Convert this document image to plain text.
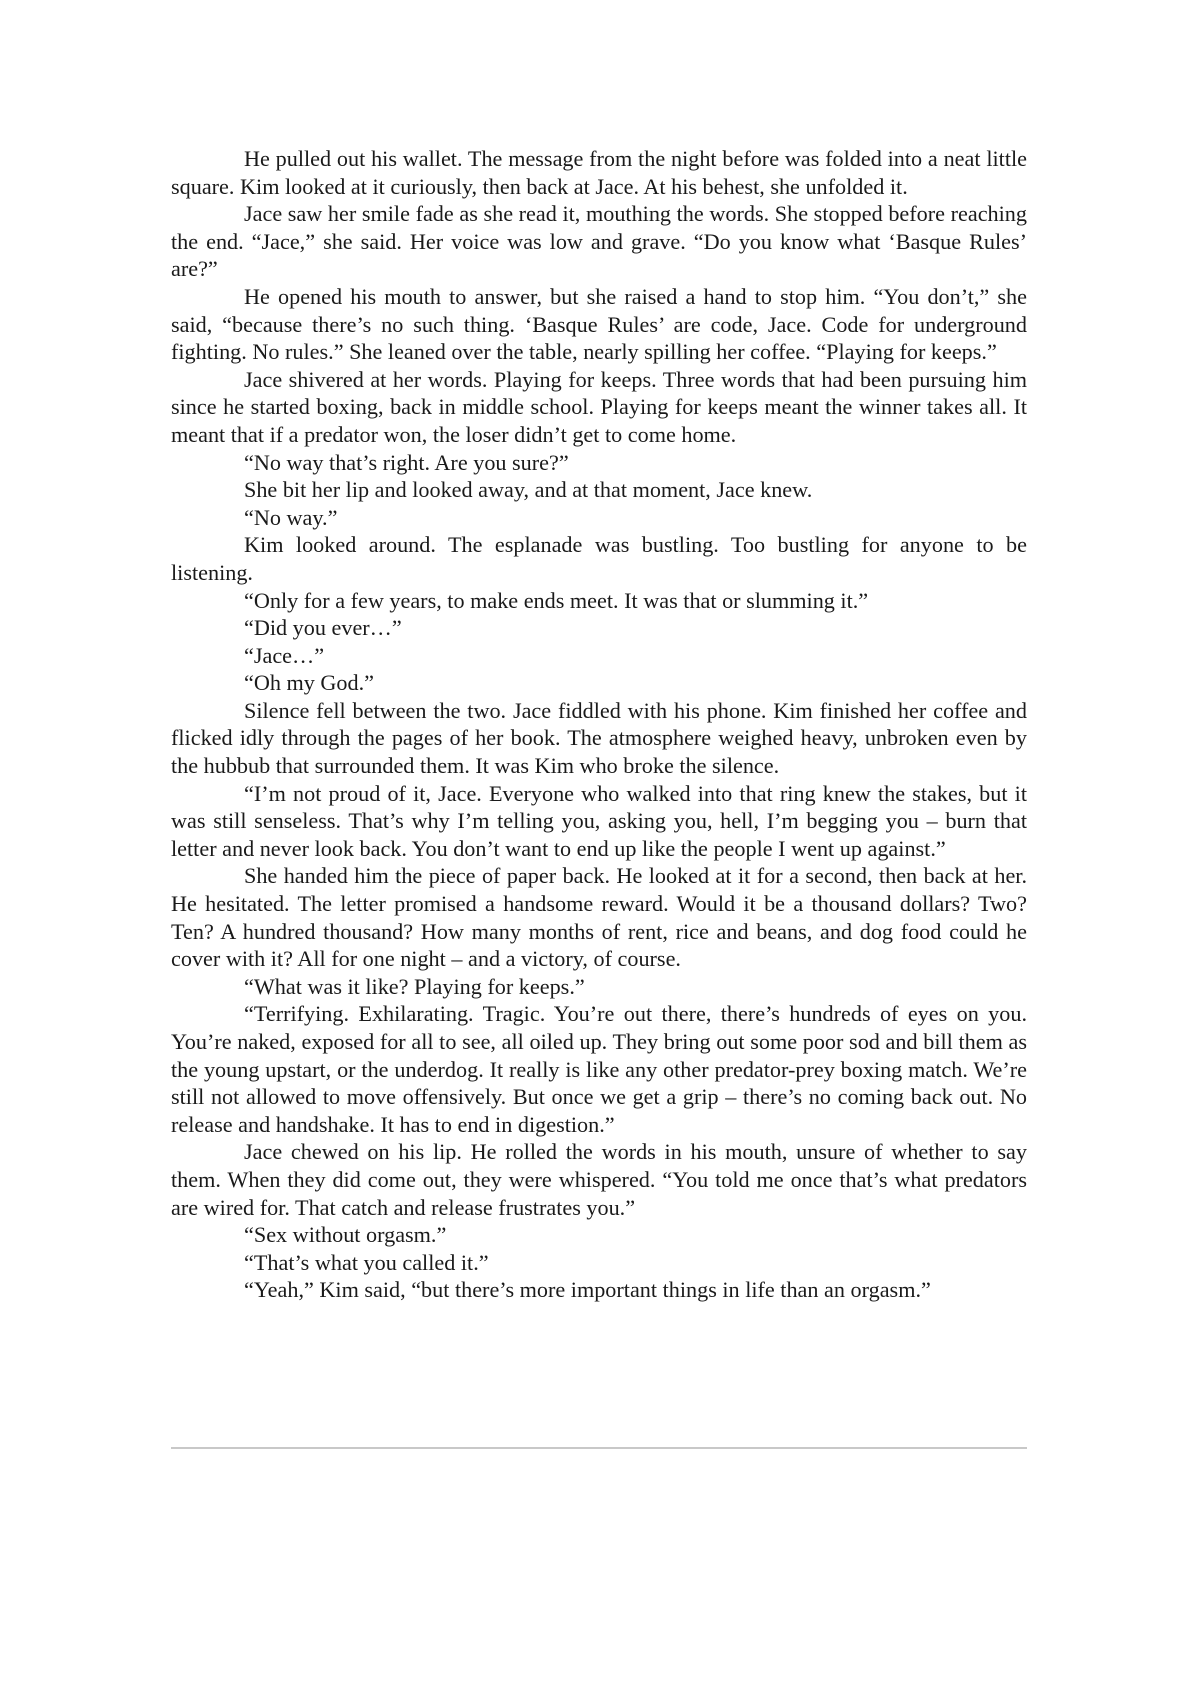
He pulled out his wallet. The message from the night before was folded into a neat little square. Kim looked at it curiously, then back at Jace. At his behest, she unfolded it.

Jace saw her smile fade as she read it, mouthing the words. She stopped before reaching the end. “Jace,” she said. Her voice was low and grave. “Do you know what ‘Basque Rules’ are?”

He opened his mouth to answer, but she raised a hand to stop him. “You don’t,” she said, “because there’s no such thing. ‘Basque Rules’ are code, Jace. Code for underground fighting. No rules.” She leaned over the table, nearly spilling her coffee. “Playing for keeps.”

Jace shivered at her words. Playing for keeps. Three words that had been pursuing him since he started boxing, back in middle school. Playing for keeps meant the winner takes all. It meant that if a predator won, the loser didn’t get to come home.

“No way that’s right. Are you sure?”

She bit her lip and looked away, and at that moment, Jace knew.

“No way.”

Kim looked around. The esplanade was bustling. Too bustling for anyone to be listening.

“Only for a few years, to make ends meet. It was that or slumming it.”

“Did you ever…”

“Jace…”

“Oh my God.”

Silence fell between the two. Jace fiddled with his phone. Kim finished her coffee and flicked idly through the pages of her book. The atmosphere weighed heavy, unbroken even by the hubbub that surrounded them. It was Kim who broke the silence.

“I’m not proud of it, Jace. Everyone who walked into that ring knew the stakes, but it was still senseless. That’s why I’m telling you, asking you, hell, I’m begging you – burn that letter and never look back. You don’t want to end up like the people I went up against.”

She handed him the piece of paper back. He looked at it for a second, then back at her. He hesitated. The letter promised a handsome reward. Would it be a thousand dollars? Two? Ten? A hundred thousand? How many months of rent, rice and beans, and dog food could he cover with it? All for one night – and a victory, of course.

“What was it like? Playing for keeps.”

“Terrifying. Exhilarating. Tragic. You’re out there, there’s hundreds of eyes on you. You’re naked, exposed for all to see, all oiled up. They bring out some poor sod and bill them as the young upstart, or the underdog. It really is like any other predator-prey boxing match. We’re still not allowed to move offensively. But once we get a grip – there’s no coming back out. No release and handshake. It has to end in digestion.”

Jace chewed on his lip. He rolled the words in his mouth, unsure of whether to say them. When they did come out, they were whispered. “You told me once that’s what predators are wired for. That catch and release frustrates you.”

“Sex without orgasm.”

“That’s what you called it.”

“Yeah,” Kim said, “but there’s more important things in life than an orgasm.”
